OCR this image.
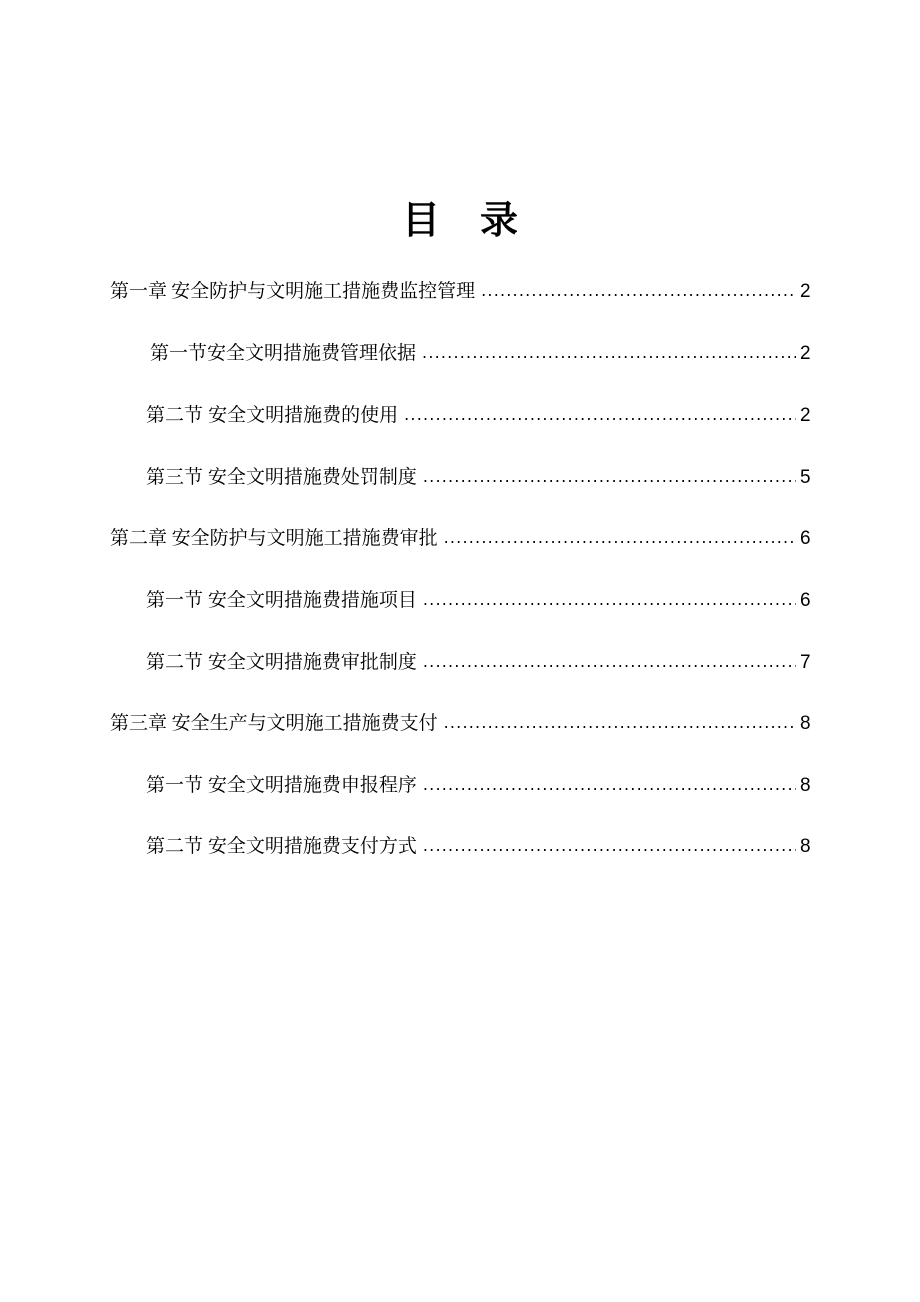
目 录
第一章 安全防护与文明施工措施费监控管理 .....	2
第一节 安全文明措施费管理依据 .....	2
第二节 安全文明措施费的使用 .....	2
第三节 安全文明措施费处罚制度 .....	5
第二章 安全防护与文明施工措施费审批 .....	6
第一节 安全文明措施费措施项目 .....	6
第二节 安全文明措施费审批制度 .....	7
第三章 安全生产与文明施工措施费支付 .....	8
第一节 安全文明措施费申报程序 .....	8
第二节 安全文明措施费支付方式 .....	8
